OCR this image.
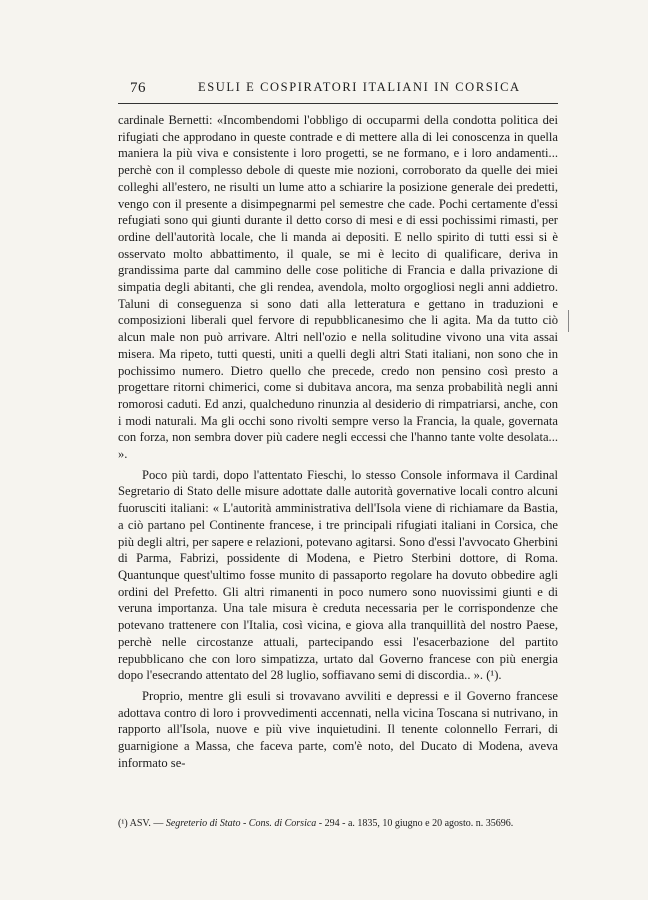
76	ESULI E COSPIRATORI ITALIANI IN CORSICA

cardinale Bernetti: «Incombendomi l'obbligo di occuparmi della condotta politica dei rifugiati che approdano in queste contrade e di mettere alla di lei conoscenza in quella maniera la più viva e consistente i loro progetti, se ne formano, e i loro andamenti... perchè con il complesso debole di queste mie nozioni, corroborato da quelle dei miei colleghi all'estero, ne risulti un lume atto a schiarire la posizione generale dei predetti, vengo con il presente a disimpegnarmi pel semestre che cade. Pochi certamente d'essi refugiati sono qui giunti durante il detto corso di mesi e di essi pochissimi rimasti, per ordine dell'autorità locale, che li manda ai depositi. E nello spirito di tutti essi si è osservato molto abbattimento, il quale, se mi è lecito di qualificare, deriva in grandissima parte dal cammino delle cose politiche di Francia e dalla privazione di simpatia degli abitanti, che gli rendea, avendola, molto orgogliosi negli anni addietro. Taluni di conseguenza si sono dati alla letteratura e gettano in traduzioni e composizioni liberali quel fervore di repubblicanesimo che li agita. Ma da tutto ciò alcun male non può arrivare. Altri nell'ozio e nella solitudine vivono una vita assai misera. Ma ripeto, tutti questi, uniti a quelli degli altri Stati italiani, non sono che in pochissimo numero. Dietro quello che precede, credo non pensino così presto a progettare ritorni chimerici, come si dubitava ancora, ma senza probabilità negli anni romorosi caduti. Ed anzi, qualcheduno rinunzia al desiderio di rimpatriarsi, anche, con i modi naturali. Ma gli occhi sono rivolti sempre verso la Francia, la quale, governata con forza, non sembra dover più cadere negli eccessi che l'hanno tante volte desolata... ».

Poco più tardi, dopo l'attentato Fieschi, lo stesso Console informava il Cardinal Segretario di Stato delle misure adottate dalle autorità governative locali contro alcuni fuorusciti italiani: « L'autorità amministrativa dell'Isola viene di richiamare da Bastia, a ciò partano pel Continente francese, i tre principali rifugiati italiani in Corsica, che più degli altri, per sapere e relazioni, potevano agitarsi. Sono d'essi l'avvocato Gherbini di Parma, Fabrizi, possidente di Modena, e Pietro Sterbini dottore, di Roma. Quantunque quest'ultimo fosse munito di passaporto regolare ha dovuto obbedire agli ordini del Prefetto. Gli altri rimanenti in poco numero sono nuovissimi giunti e di veruna importanza. Una tale misura è creduta necessaria per le corrispondenze che potevano trattenere con l'Italia, così vicina, e giova alla tranquillità del nostro Paese, perchè nelle circostanze attuali, partecipando essi l'esacerbazione del partito repubblicano che con loro simpatizza, urtato dal Governo francese con più energia dopo l'esecrando attentato del 28 luglio, soffiavano semi di discordia.. ». (¹).

Proprio, mentre gli esuli si trovavano avviliti e depressi e il Governo francese adottava contro di loro i provvedimenti accennati, nella vicina Toscana si nutrivano, in rapporto all'Isola, nuove e più vive inquietudini. Il tenente colonnello Ferrari, di guarnigione a Massa, che faceva parte, com'è noto, del Ducato di Modena, aveva informato se-

(¹) ASV. — Segreterio di Stato - Cons. di Corsica - 294 - a. 1835, 10 giugno e 20 agosto. n. 35696.
